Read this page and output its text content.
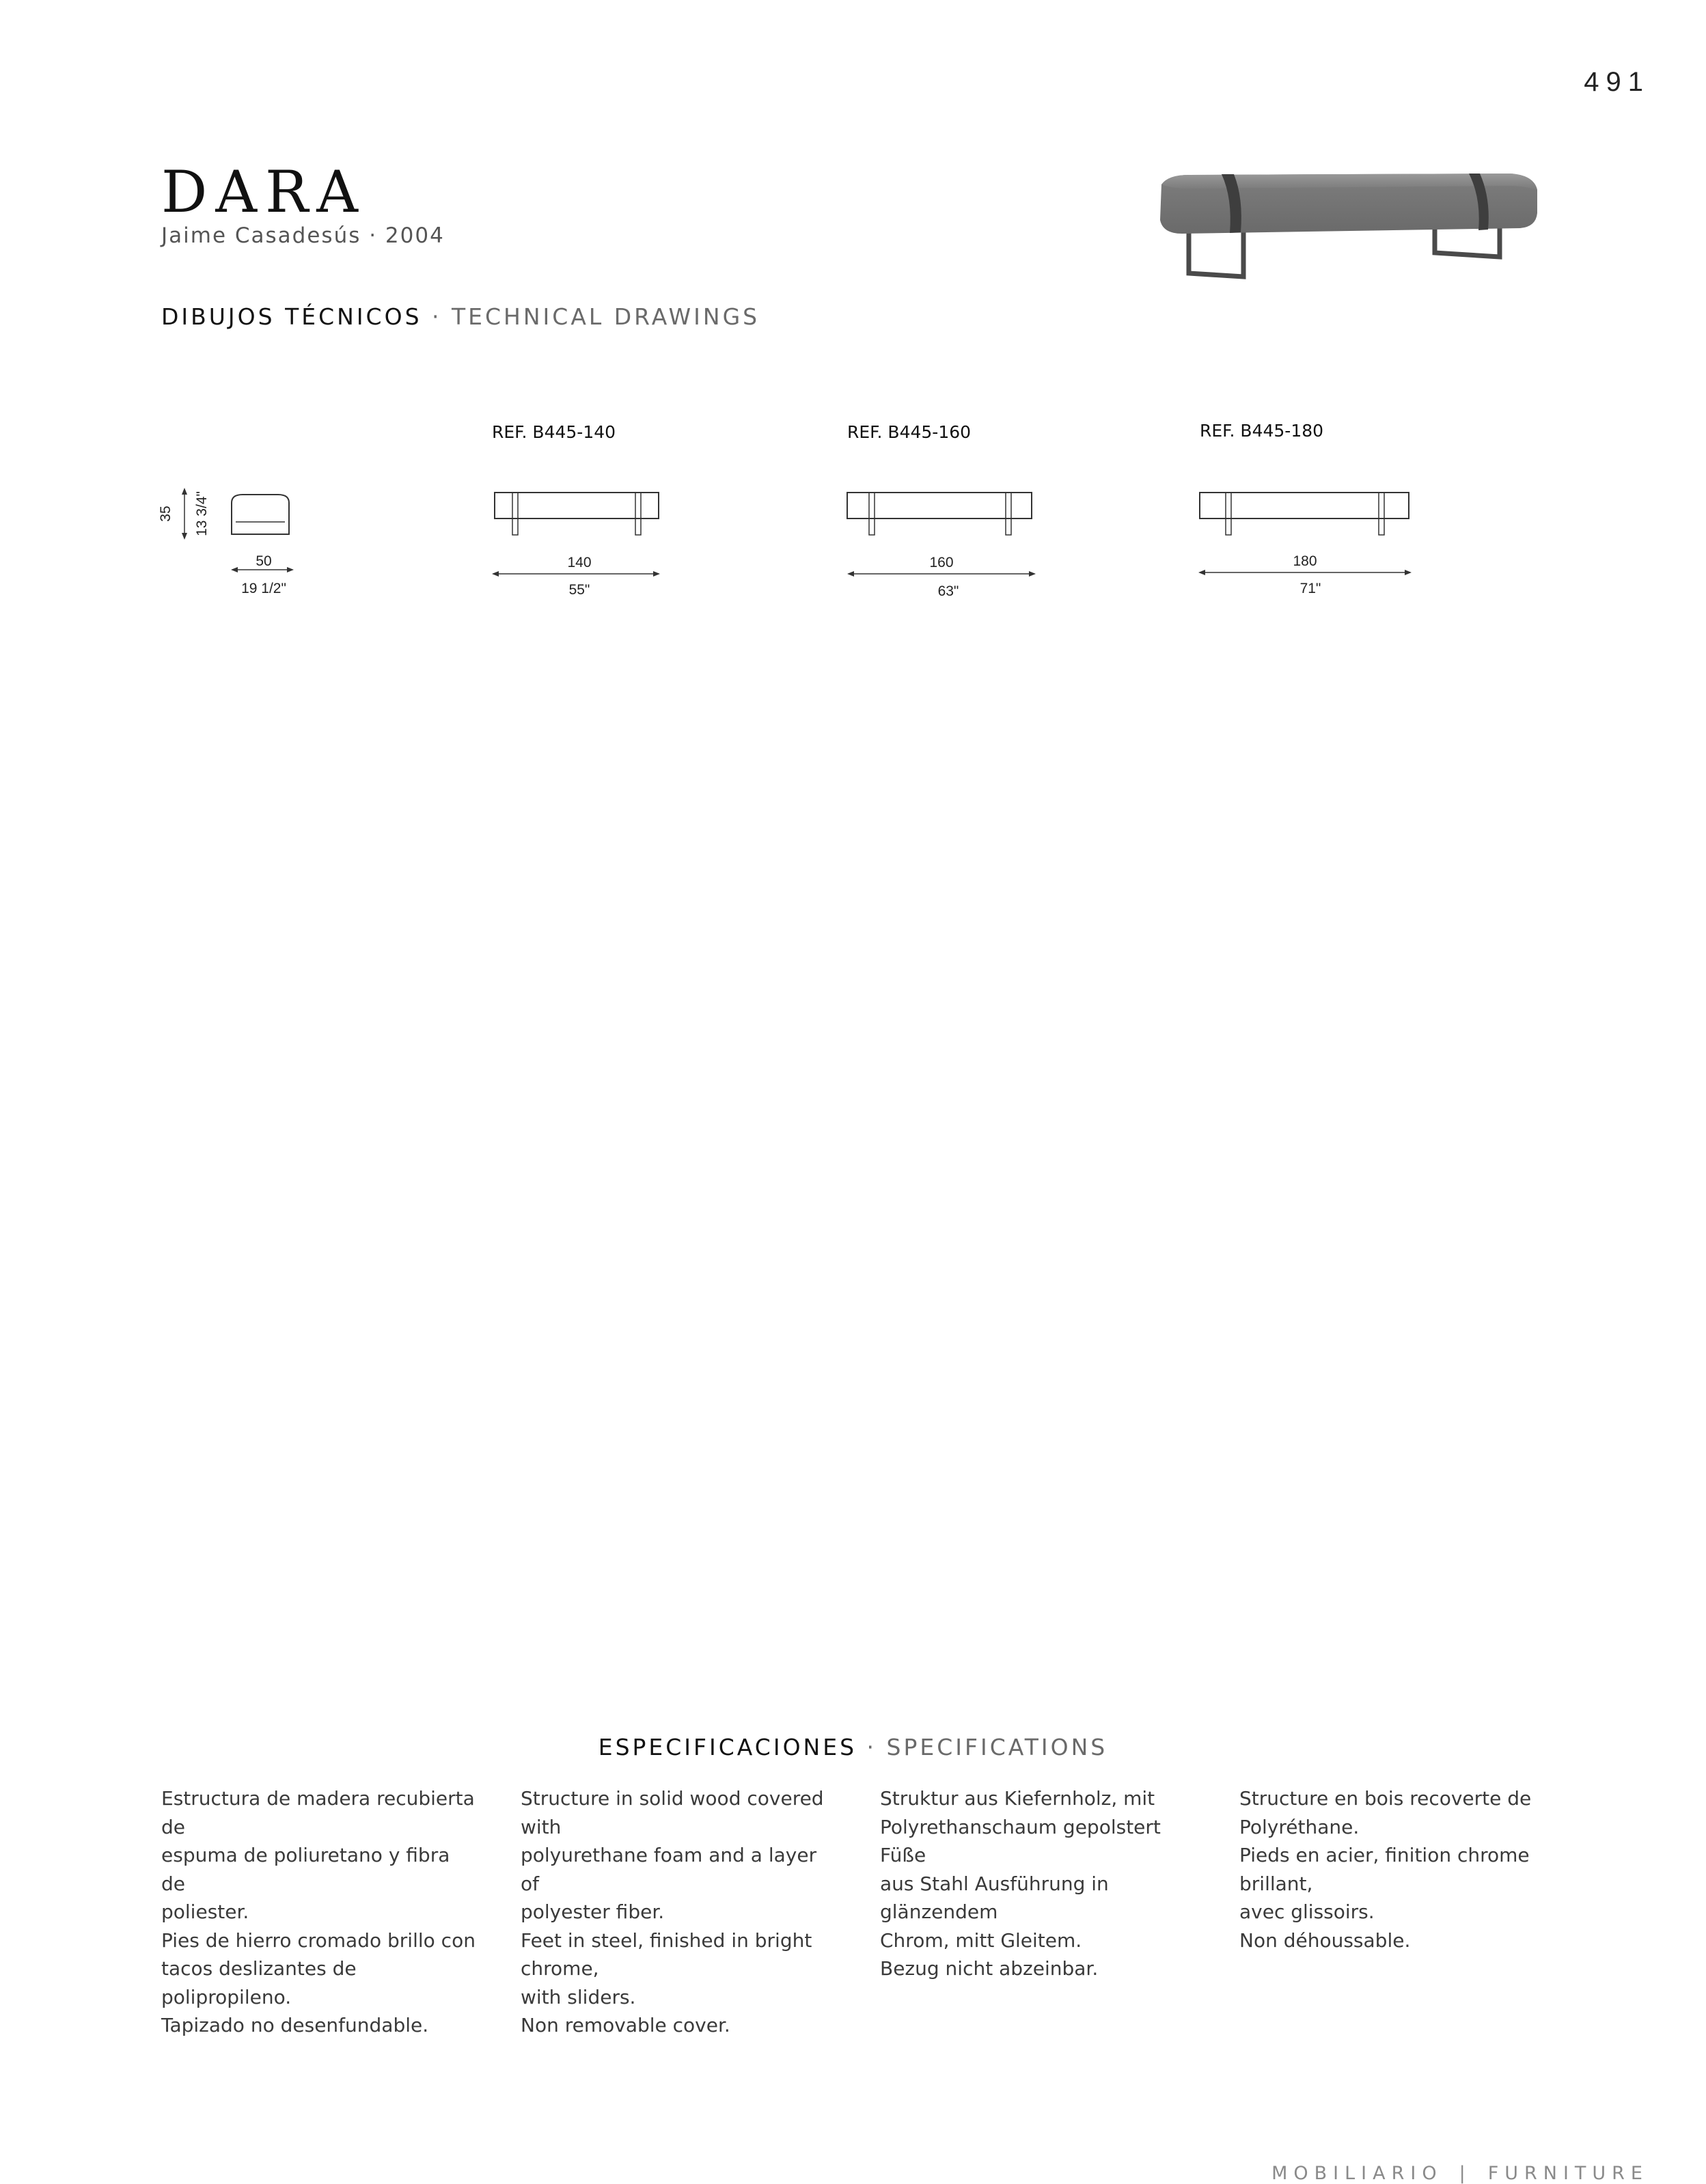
491
DARA
Jaime Casadesús · 2004
DIBUJOS TÉCNICOS · TECHNICAL DRAWINGS
35 13 3/4"
50
19 1/2"
REF. B445-140
140
55"
REF. B445-160
160
63"
REF. B445-180
180
71"
ESPECIFICACIONES · SPECIFICATIONS

Estructura de madera recubierta de

espuma de poliuretano y fibra de

poliester.

Pies de hierro cromado brillo con

tacos deslizantes de polipropileno.

Tapizado no desenfundable.

Structure in solid wood covered with

polyurethane foam and a layer of

polyester fiber.

Feet in steel, finished in bright chrome,

with sliders.

Non removable cover.

Struktur aus Kiefernholz, mit

Polyrethanschaum gepolstert Füße

aus Stahl Ausführung in glänzendem

Chrom, mitt Gleitem.

Bezug nicht abzeinbar.

Structure en bois recoverte de

Polyréthane.

Pieds en acier, finition chrome brillant,

avec glissoirs.

Non déhoussable.

MOBILIARIO | FURNITURE
